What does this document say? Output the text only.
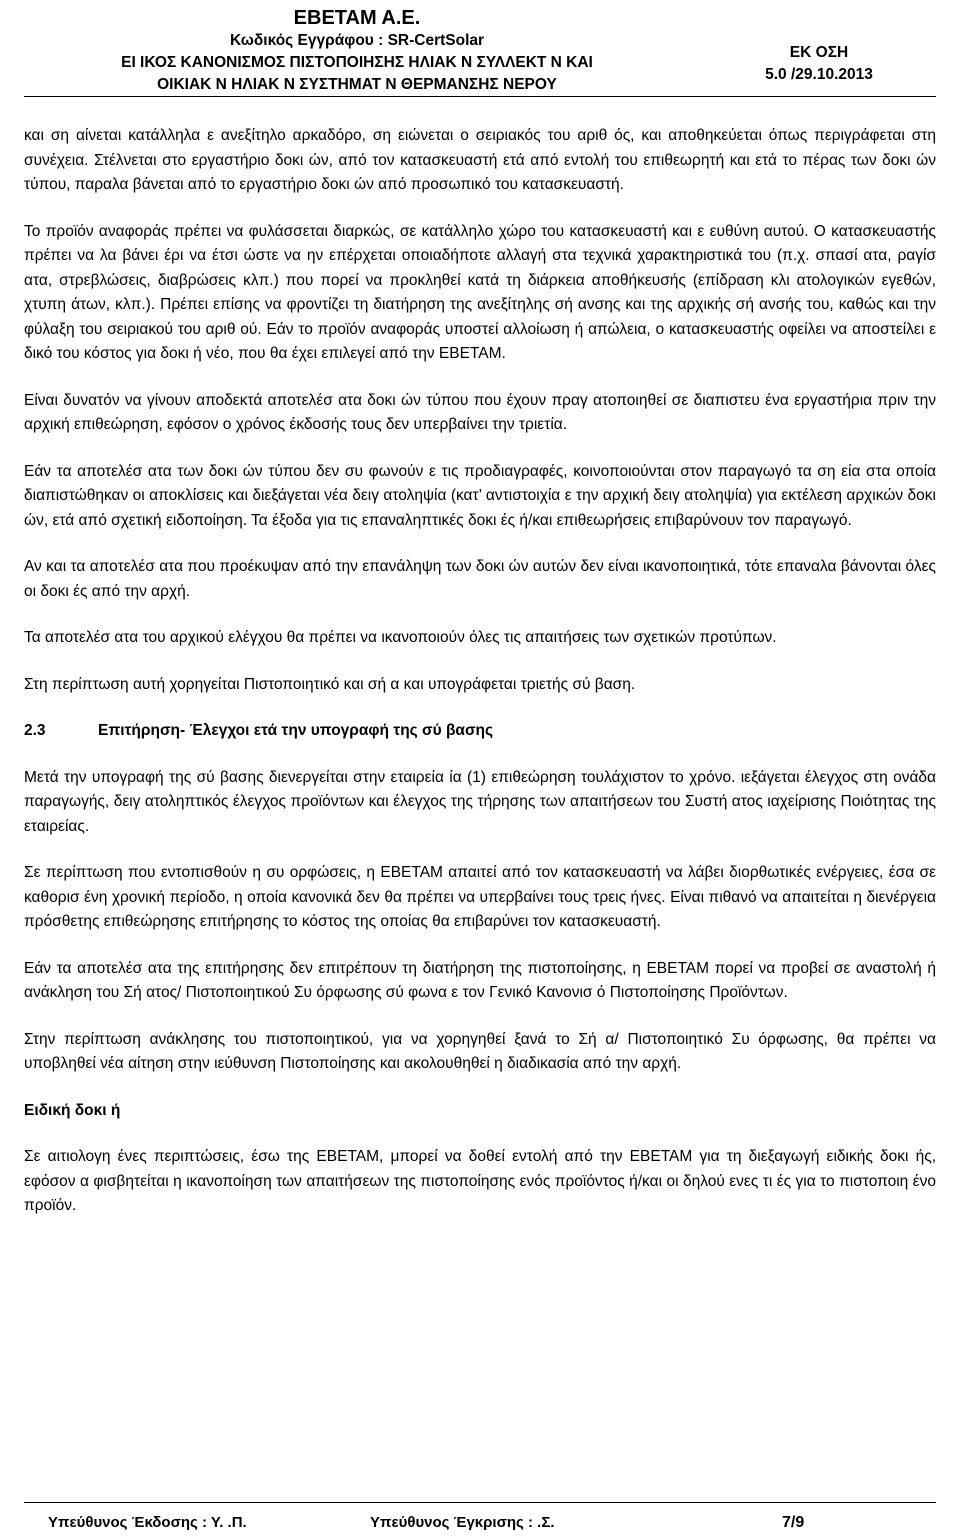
ΕΒΕΤΑΜ Α.Ε.
Κωδικός Εγγράφου : SR-CertSolar
ΕΙ ΙΚΟΣ ΚΑΝΟΝΙΣΜΟΣ ΠΙΣΤΟΠΟΙΗΣΗΣ ΗΛΙΑΚ Ν ΣΥΛΛΕΚΤ Ν ΚΑΙ
ΟΙΚΙΑΚ Ν ΗΛΙΑΚ Ν ΣΥΣΤΗΜΑΤ Ν ΘΕΡΜΑΝΣΗΣ ΝΕΡΟΥ
ΕΚ ΟΣΗ
5.0 /29.10.2013

και ση αίνεται κατάλληλα ε ανεξίτηλο αρκαδόρο, ση ειώνεται ο σειριακός του αριθ ός, και αποθηκεύεται όπως περιγράφεται στη συνέχεια. Στέλνεται στο εργαστήριο δοκι ών, από τον κατασκευαστή ετά από εντολή του επιθεωρητή και ετά το πέρας των δοκι ών τύπου, παραλα βάνεται από το εργαστήριο δοκι ών από προσωπικό του κατασκευαστή.

Το προϊόν αναφοράς πρέπει να φυλάσσεται διαρκώς, σε κατάλληλο χώρο του κατασκευαστή και ε ευθύνη αυτού. Ο κατασκευαστής πρέπει να λα βάνει έρι να έτσι ώστε να ην επέρχεται οποιαδήποτε αλλαγή στα τεχνικά χαρακτηριστικά του (π.χ. σπασί ατα, ραγίσ ατα, στρεβλώσεις, διαβρώσεις κλπ.) που πορεί να προκληθεί κατά τη διάρκεια αποθήκευσής (επίδραση κλι ατολογικών εγεθών, χτυπη άτων, κλπ.). Πρέπει επίσης να φροντίζει τη διατήρηση της ανεξίτηλης σή ανσης και της αρχικής σή ανσής του, καθώς και την φύλαξη του σειριακού του αριθ ού. Εάν το προϊόν αναφοράς υποστεί αλλοίωση ή απώλεια, ο κατασκευαστής οφείλει να αποστείλει ε δικό του κόστος για δοκι ή νέο, που θα έχει επιλεγεί από την ΕΒΕΤΑΜ.

Είναι δυνατόν να γίνουν αποδεκτά αποτελέσ ατα δοκι ών τύπου που έχουν πραγ ατοποιηθεί σε διαπιστευ ένα εργαστήρια πριν την αρχική επιθεώρηση, εφόσον ο χρόνος έκδοσής τους δεν υπερβαίνει την τριετία.

Εάν τα αποτελέσ ατα των δοκι ών τύπου δεν συ φωνούν ε τις προδιαγραφές, κοινοποιούνται στον παραγωγό τα ση εία στα οποία διαπιστώθηκαν οι αποκλίσεις και διεξάγεται νέα δειγ ατοληψία (κατ’ αντιστοιχία ε την αρχική δειγ ατοληψία) για εκτέλεση αρχικών δοκι ών, ετά από σχετική ειδοποίηση. Τα έξοδα για τις επαναληπτικές δοκι ές ή/και επιθεωρήσεις επιβαρύνουν τον παραγωγό.

Αν και τα αποτελέσ ατα που προέκυψαν από την επανάληψη των δοκι ών αυτών δεν είναι ικανοποιητικά, τότε επαναλα βάνονται όλες οι δοκι ές από την αρχή.

Τα αποτελέσ ατα του αρχικού ελέγχου θα πρέπει να ικανοποιούν όλες τις απαιτήσεις των σχετικών προτύπων.

Στη περίπτωση αυτή χορηγείται Πιστοποιητικό και σή α και υπογράφεται τριετής σύ βαση.

2.3	Επιτήρηση- Έλεγχοι ετά την υπογραφή της σύ βασης

Μετά την υπογραφή της σύ βασης διενεργείται στην εταιρεία ία (1) επιθεώρηση τουλάχιστον το χρόνο. ιεξάγεται έλεγχος στη ονάδα παραγωγής, δειγ ατοληπτικός έλεγχος προϊόντων και έλεγχος της τήρησης των απαιτήσεων του Συστή ατος ιαχείρισης Ποιότητας της εταιρείας.

Σε περίπτωση που εντοπισθούν η συ ορφώσεις, η ΕΒΕΤΑΜ απαιτεί από τον κατασκευαστή να λάβει διορθωτικές ενέργειες, έσα σε καθορισ ένη χρονική περίοδο, η οποία κανονικά δεν θα πρέπει να υπερβαίνει τους τρεις ήνες. Είναι πιθανό να απαιτείται η διενέργεια πρόσθετης επιθεώρησης επιτήρησης το κόστος της οποίας θα επιβαρύνει τον κατασκευαστή.

Εάν τα αποτελέσ ατα της επιτήρησης δεν επιτρέπουν τη διατήρηση της πιστοποίησης, η ΕΒΕΤΑΜ πορεί να προβεί σε αναστολή ή ανάκληση του Σή ατος/ Πιστοποιητικού Συ όρφωσης σύ φωνα ε τον Γενικό Κανονισ ό Πιστοποίησης Προϊόντων.

Στην περίπτωση ανάκλησης του πιστοποιητικού, για να χορηγηθεί ξανά το Σή α/ Πιστοποιητικό Συ όρφωσης, θα πρέπει να υποβληθεί νέα αίτηση στην ιεύθυνση Πιστοποίησης και ακολουθηθεί η διαδικασία από την αρχή.

Ειδική δοκι ή

Σε αιτιολογη ένες περιπτώσεις, έσω της ΕΒΕΤΑΜ, μπορεί να δοθεί εντολή από την ΕΒΕΤΑΜ για τη διεξαγωγή ειδικής δοκι ής, εφόσον α φισβητείται η ικανοποίηση των απαιτήσεων της πιστοποίησης ενός προϊόντος ή/και οι δηλού ενες τι ές για το πιστοποιη ένο προϊόν.

Υπεύθυνος Έκδοσης : Υ. .Π.	Υπεύθυνος Έγκρισης : .Σ.	7/9
